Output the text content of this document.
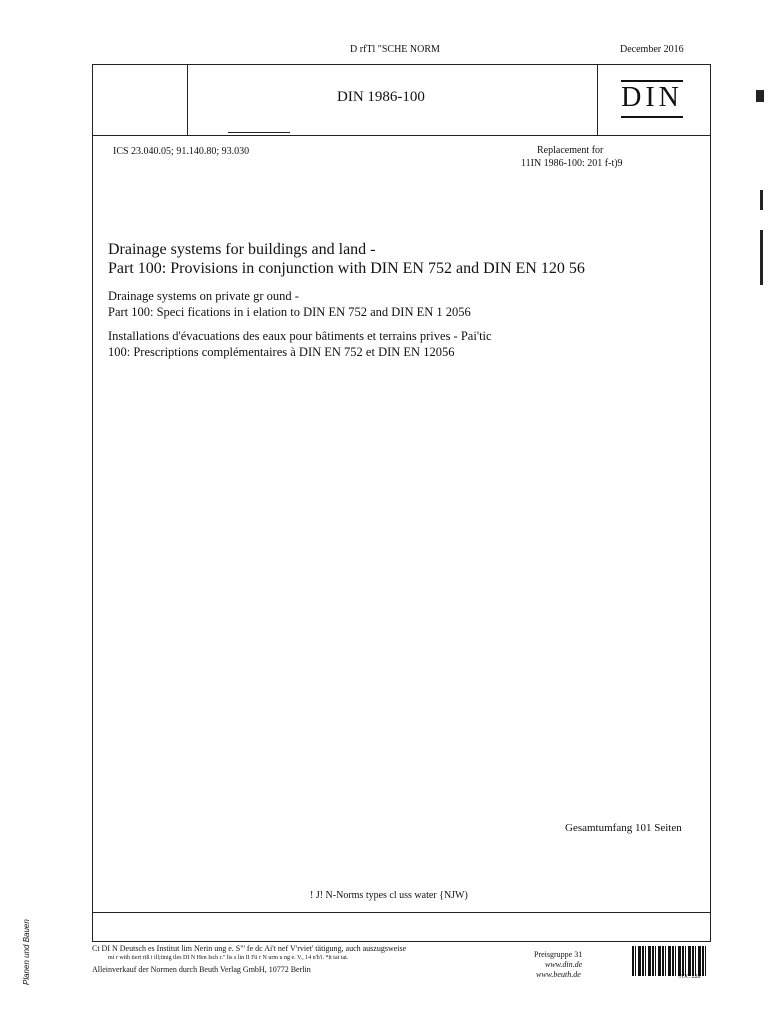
D rfTl "SCHE NORM	December 2016
DIN 1986-100	DIN
ICS 23.040.05; 91.140.80; 93.030	Replacement for
11IN 1986-100: 201 f-t)9
Drainage systems for buildings and land -
Part 100: Provisions in conjunction with DIN EN 752 and DIN EN 120 56
Drainage systems on private gr ound -
Part 100: Speci fications in i elation to DIN EN 752 and DIN EN 1 2056
Installations d'évacuations des eaux pour bâtiments et terrains prives - Pai'tic
100: Prescriptions complémentaires à DIN EN 752 et DIN EN 12056
Gesamtumfang 101 Seiten
! J! N-Norms types cl uss water {NJW)
Ct DI N Deutsch es Institut lim Nerin ung e. S"' fe dc Ai't nef V'rviet' tätigung, auch auszugsweise
mi r with tiert riß i ill;tinig tles DI N Hen Isch r." lis s lin II I'ii r N urm u ng e. V., 14 n'h'i. *it tat tat.
Alleinverkauf der Normen durch Beuth Verlag GmbH, 10772 Berlin
Preisgruppe 31
www.din.de
www.beuth.de	!/OC 228
Planen und Bauen
